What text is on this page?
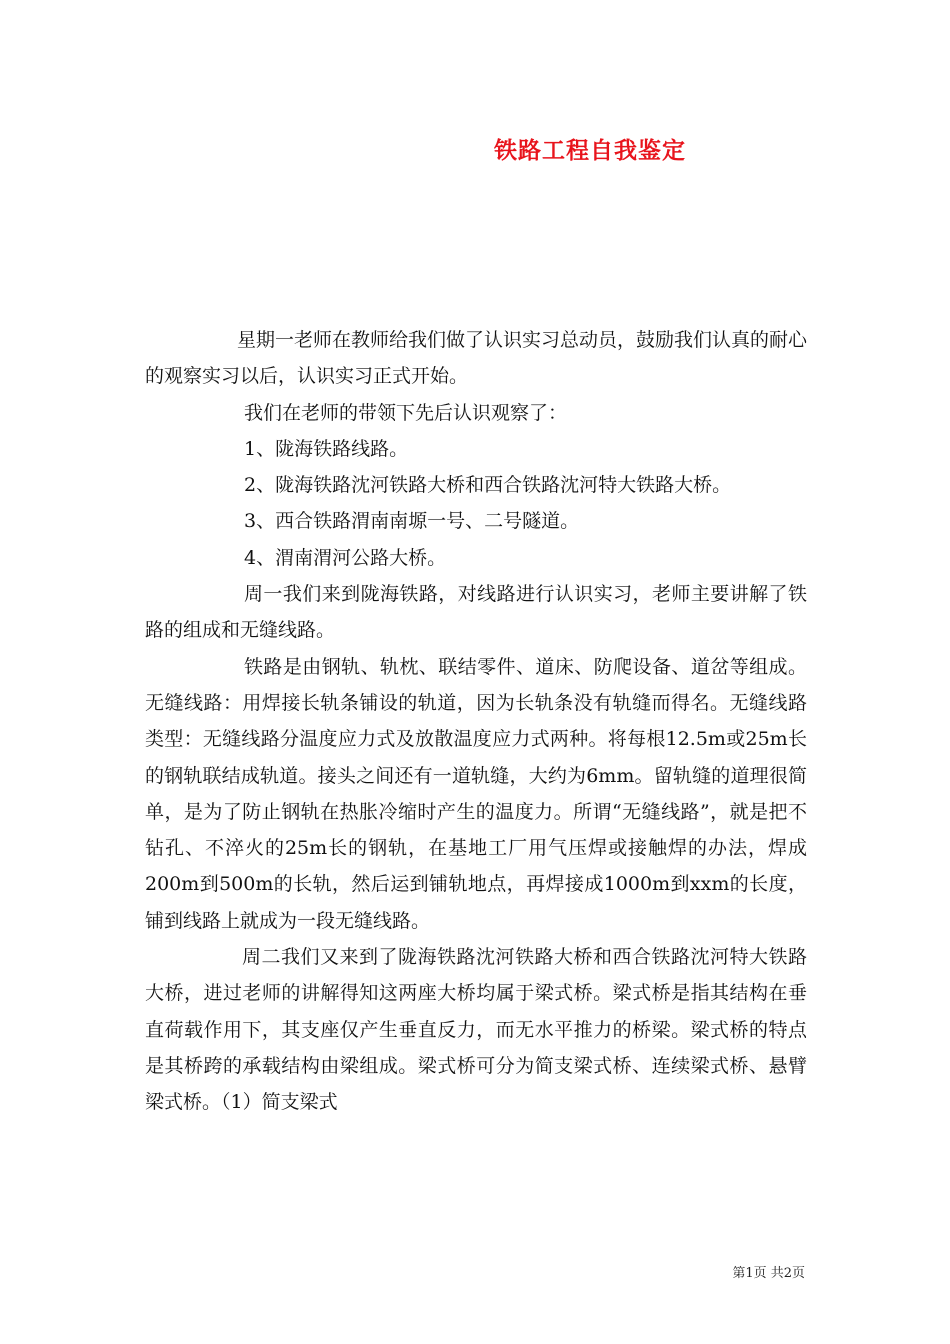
铁路工程自我鉴定

星期一老师在教师给我们做了认识实习总动员，鼓励我们认真的耐心的观察实习以后，认识实习正式开始。

我们在老师的带领下先后认识观察了：

1、陇海铁路线路。

2、陇海铁路沈河铁路大桥和西合铁路沈河特大铁路大桥。

3、西合铁路渭南南塬一号、二号隧道。

4、渭南渭河公路大桥。

周一我们来到陇海铁路，对线路进行认识实习，老师主要讲解了铁路的组成和无缝线路。

铁路是由钢轨、轨枕、联结零件、道床、防爬设备、道岔等组成。无缝线路：用焊接长轨条铺设的轨道，因为长轨条没有轨缝而得名。无缝线路类型：无缝线路分温度应力式及放散温度应力式两种。将每根12.5m或25m长的钢轨联结成轨道。接头之间还有一道轨缝，大约为6mm。留轨缝的道理很简单，是为了防止钢轨在热胀冷缩时产生的温度力。所谓“无缝线路”，就是把不钻孔、不淬火的25m长的钢轨，在基地工厂用气压焊或接触焊的办法，焊成200m到500m的长轨，然后运到铺轨地点，再焊接成1000m到xxm的长度，铺到线路上就成为一段无缝线路。

周二我们又来到了陇海铁路沈河铁路大桥和西合铁路沈河特大铁路大桥，进过老师的讲解得知这两座大桥均属于梁式桥。梁式桥是指其结构在垂直荷载作用下，其支座仅产生垂直反力，而无水平推力的桥梁。梁式桥的特点是其桥跨的承载结构由梁组成。梁式桥可分为简支梁式桥、连续梁式桥、悬臂梁式桥。（1）简支梁式

第1页 共2页
